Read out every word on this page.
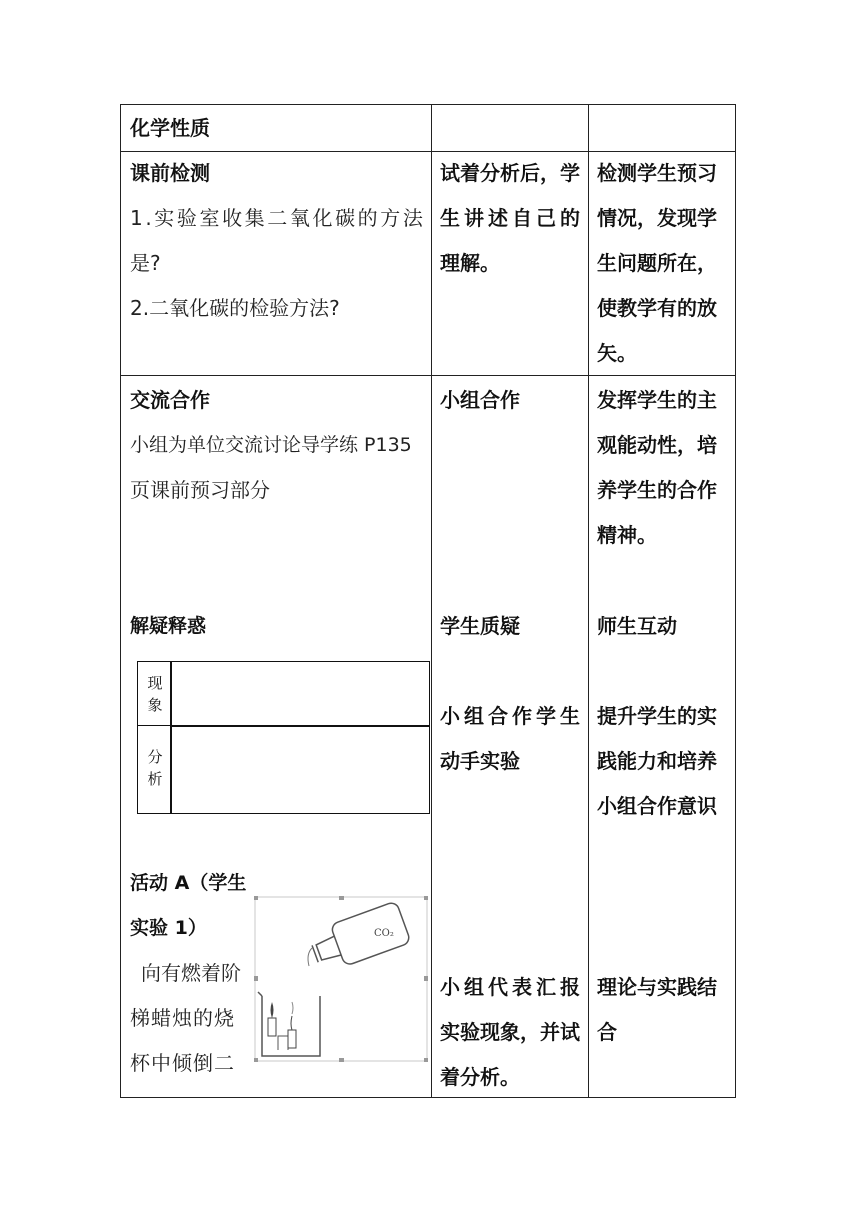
化学性质
课前检测
1.实验室收集二氧化碳的方法
是?
2.二氧化碳的检验方法?
试着分析后，学
生讲述自己的
理解。
检测学生预习
情况，发现学
生问题所在，
使教学有的放
矢。
交流合作
小组为单位交流讨论导学练 P135
页课前预习部分
解疑释惑
现
象
分
析
活动 A（学生
实验 1）
向有燃着阶
梯蜡烛的烧
杯中倾倒二
CO₂
小组合作
学生质疑
小组合作学生
动手实验
小组代表汇报
实验现象，并试
着分析。
发挥学生的主
观能动性，培
养学生的合作
精神。
师生互动
提升学生的实
践能力和培养
小组合作意识
理论与实践结
合
